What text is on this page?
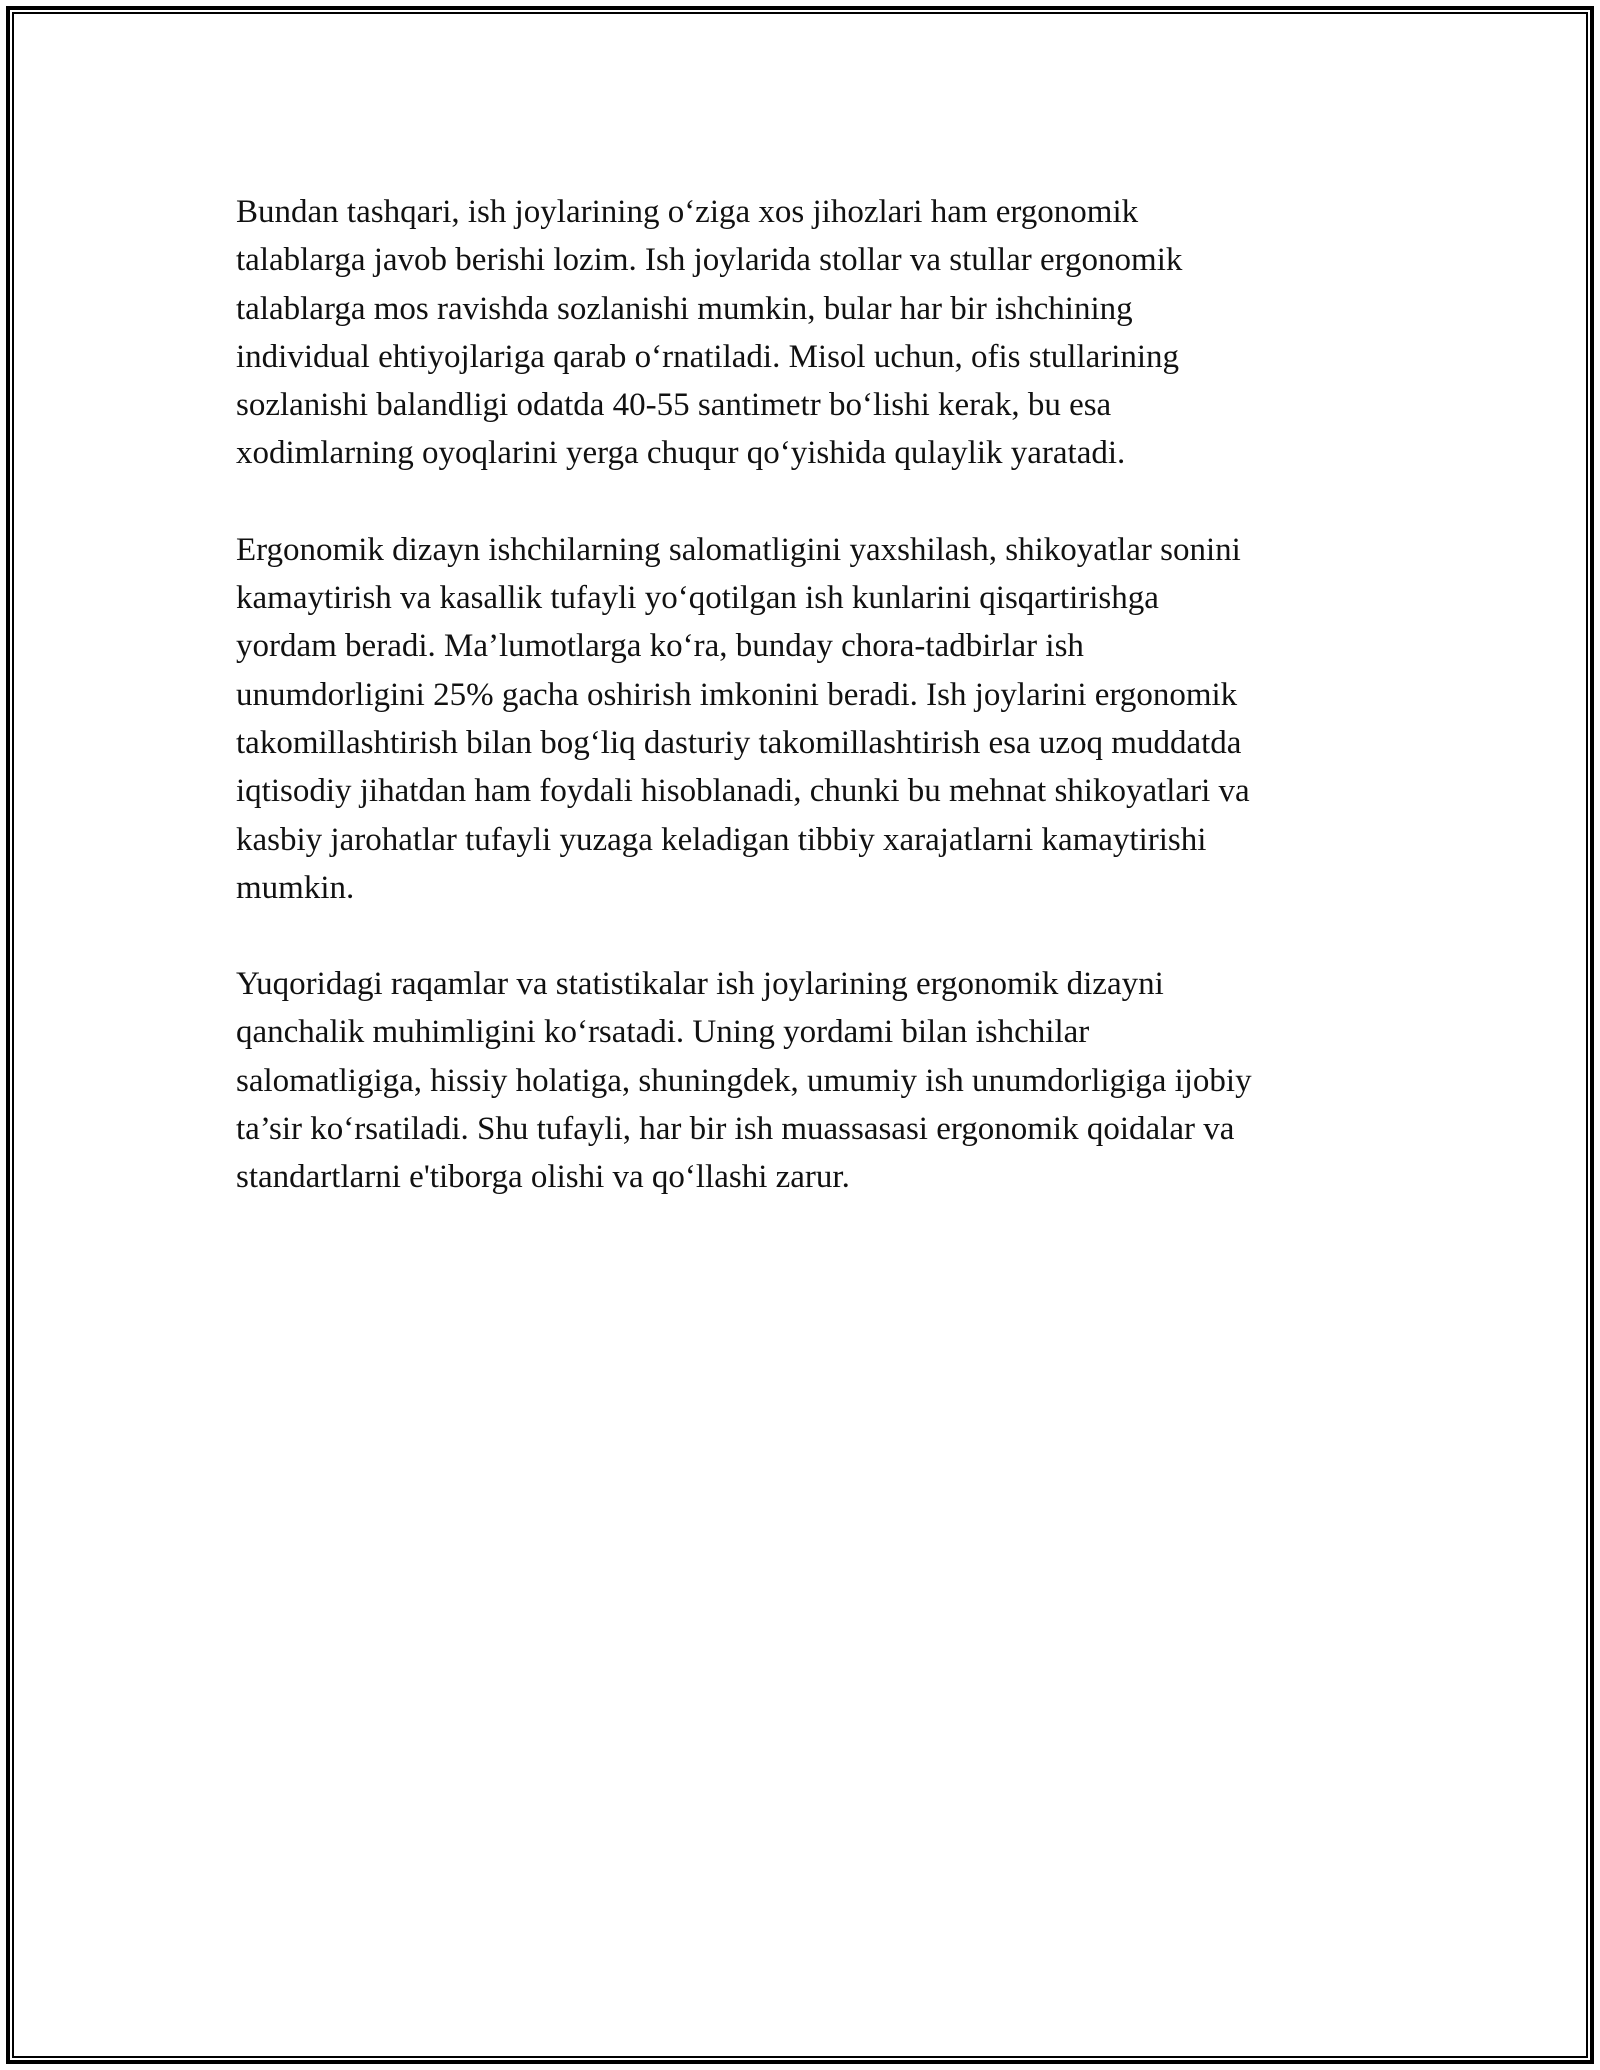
Bundan tashqari, ish joylarining o‘ziga xos jihozlari ham ergonomik
talablarga javob berishi lozim. Ish joylarida stollar va stullar ergonomik
talablarga mos ravishda sozlanishi mumkin, bular har bir ishchining
individual ehtiyojlariga qarab o‘rnatiladi. Misol uchun, ofis stullarining
sozlanishi balandligi odatda 40-55 santimetr bo‘lishi kerak, bu esa
xodimlarning oyoqlarini yerga chuqur qo‘yishida qulaylik yaratadi.

Ergonomik dizayn ishchilarning salomatligini yaxshilash, shikoyatlar sonini
kamaytirish va kasallik tufayli yo‘qotilgan ish kunlarini qisqartirishga
yordam beradi. Ma’lumotlarga ko‘ra, bunday chora-tadbirlar ish
unumdorligini 25% gacha oshirish imkonini beradi. Ish joylarini ergonomik
takomillashtirish bilan bog‘liq dasturiy takomillashtirish esa uzoq muddatda
iqtisodiy jihatdan ham foydali hisoblanadi, chunki bu mehnat shikoyatlari va
kasbiy jarohatlar tufayli yuzaga keladigan tibbiy xarajatlarni kamaytirishi
mumkin.

Yuqoridagi raqamlar va statistikalar ish joylarining ergonomik dizayni
qanchalik muhimligini ko‘rsatadi. Uning yordami bilan ishchilar
salomatligiga, hissiy holatiga, shuningdek, umumiy ish unumdorligiga ijobiy
ta’sir ko‘rsatiladi. Shu tufayli, har bir ish muassasasi ergonomik qoidalar va
standartlarni e'tiborga olishi va qo‘llashi zarur.
